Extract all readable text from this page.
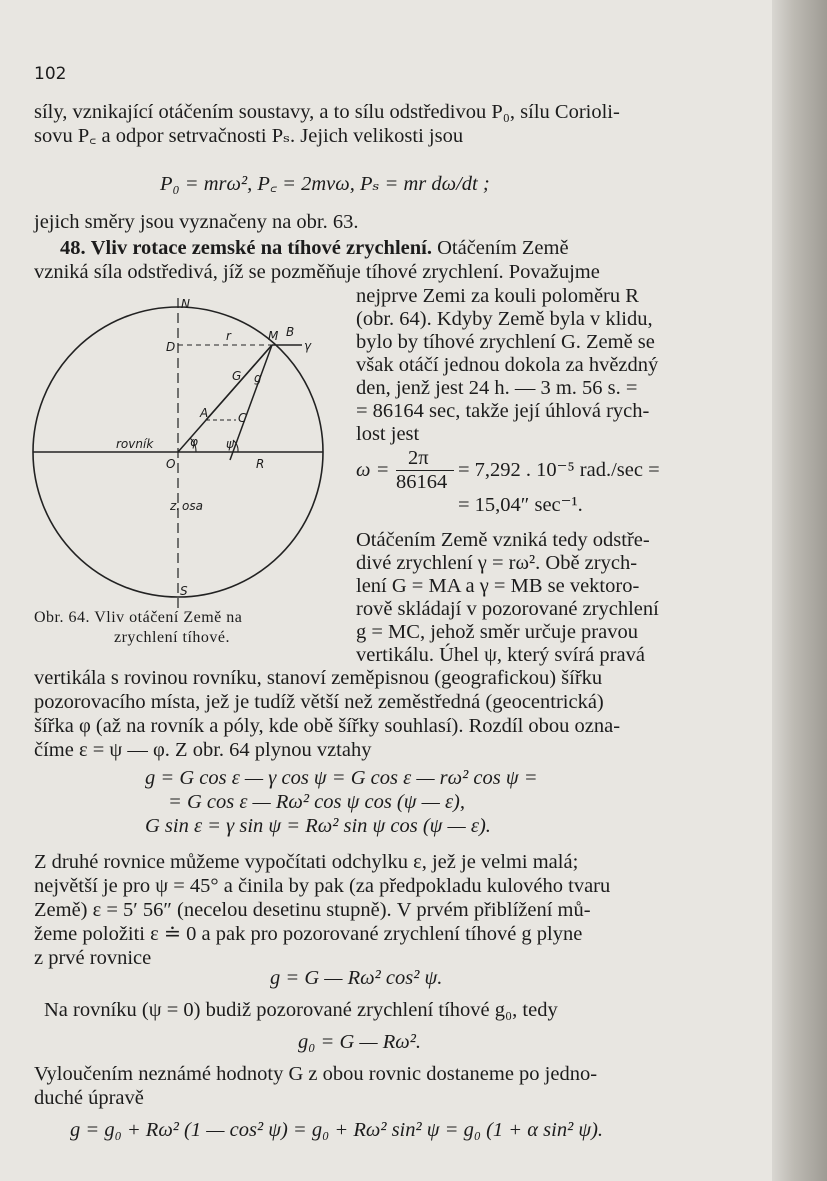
102
síly, vznikající otáčením soustavy, a to sílu odstředivou P₀, sílu Corioli-
sovu P꜀ a odpor setrvačnosti Pₛ. Jejich velikosti jsou
P₀ = mrω², P꜀ = 2mvω, Pₛ = mr dω/dt ;
jejich směry jsou vyznačeny na obr. 63.
48. Vliv rotace zemské na tíhové zrychlení. Otáčením Země
vzniká síla odstředivá, jíž se pozměňuje tíhové zrychlení. Považujme
N
D
r	M B
γ
G g
A C
rovník	φ ψ
O	R
z. osa
S
nejprve Zemi za kouli poloměru R
(obr. 64). Kdyby Země byla v klidu,
bylo by tíhové zrychlení G. Země se
však otáčí jednou dokola za hvězdný
den, jenž jest 24 h. — 3 m. 56 s. =
= 86164 sec, takže její úhlová rych-
lost jest
ω =
2π
86164
= 7,292 . 10⁻⁵ rad./sec =
= 15,04″ sec⁻¹.
Otáčením Země vzniká tedy odstře-
divé zrychlení γ = rω². Obě zrych-
lení G = MA a γ = MB se vektoro-
rově skládají v pozorované zrychlení
g = MC, jehož směr určuje pravou
vertikálu. Úhel ψ, který svírá pravá
Obr. 64. Vliv otáčení Země na
zrychlení tíhové.
vertikála s rovinou rovníku, stanoví zeměpisnou (geografickou) šířku
pozorovacího místa, jež je tudíž větší než zeměstředná (geocentrická)
šířka φ (až na rovník a póly, kde obě šířky souhlasí). Rozdíl obou ozna-
číme ε = ψ — φ. Z obr. 64 plynou vztahy
g = G cos ε — γ cos ψ = G cos ε — rω² cos ψ =
= G cos ε — Rω² cos ψ cos (ψ — ε),
G sin ε = γ sin ψ = Rω² sin ψ cos (ψ — ε).
Z druhé rovnice můžeme vypočítati odchylku ε, jež je velmi malá;
největší je pro ψ = 45° a činila by pak (za předpokladu kulového tvaru
Země) ε = 5′ 56″ (necelou desetinu stupně). V prvém přiblížení mů-
žeme položiti ε ≐ 0 a pak pro pozorované zrychlení tíhové g plyne
z prvé rovnice
g = G — Rω² cos² ψ.
Na rovníku (ψ = 0) budiž pozorované zrychlení tíhové g₀, tedy
g₀ = G — Rω².
Vyloučením neznámé hodnoty G z obou rovnic dostaneme po jedno-
duché úpravě
g = g₀ + Rω² (1 — cos² ψ) = g₀ + Rω² sin² ψ = g₀ (1 + α sin² ψ).
